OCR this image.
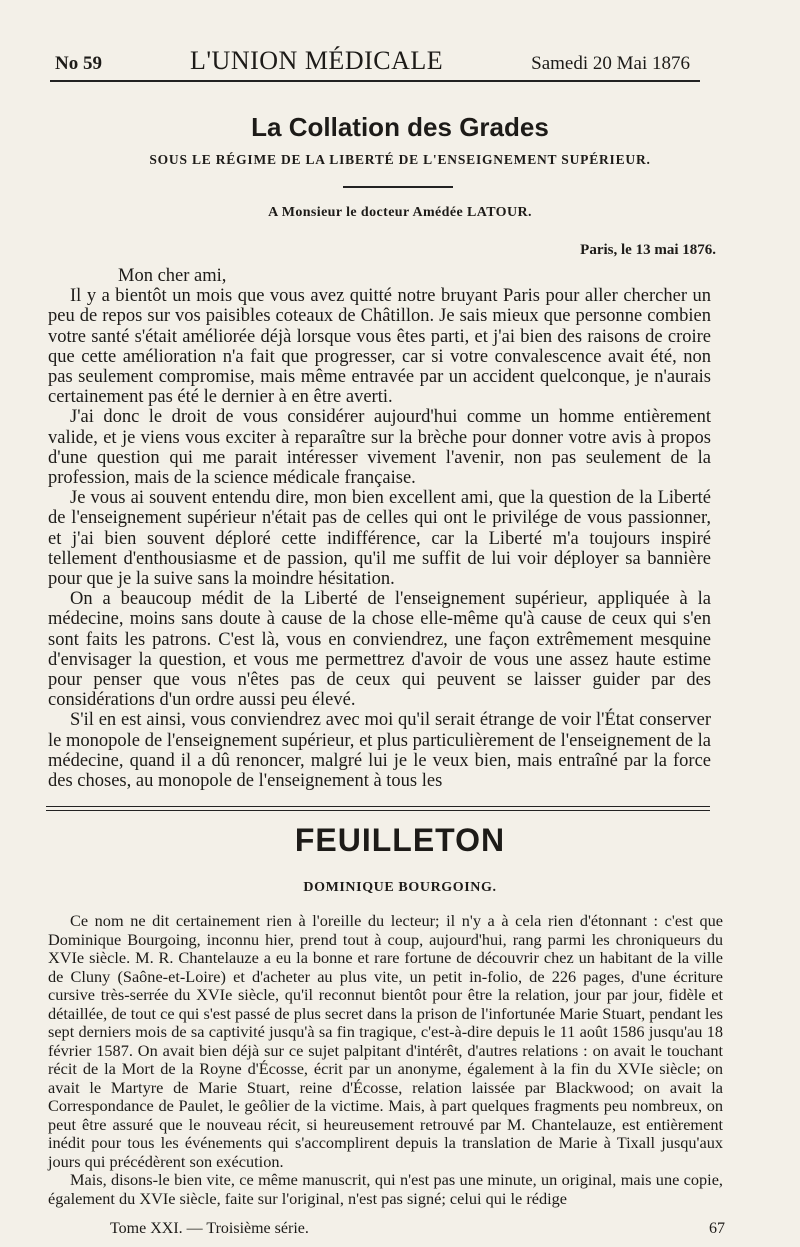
No 59	L'UNION MÉDICALE	Samedi 20 Mai 1876
La Collation des Grades
SOUS LE RÉGIME DE LA LIBERTÉ DE L'ENSEIGNEMENT SUPÉRIEUR.
A Monsieur le docteur Amédée LATOUR.
Paris, le 13 mai 1876.

Mon cher ami,

Il y a bientôt un mois que vous avez quitté notre bruyant Paris pour aller chercher un peu de repos sur vos paisibles coteaux de Châtillon. Je sais mieux que personne combien votre santé s'était améliorée déjà lorsque vous êtes parti, et j'ai bien des raisons de croire que cette amélioration n'a fait que progresser, car si votre convalescence avait été, non pas seulement compromise, mais même entravée par un accident quelconque, je n'aurais certainement pas été le dernier à en être averti.

J'ai donc le droit de vous considérer aujourd'hui comme un homme entièrement valide, et je viens vous exciter à reparaître sur la brèche pour donner votre avis à propos d'une question qui me parait intéresser vivement l'avenir, non pas seulement de la profession, mais de la science médicale française.

Je vous ai souvent entendu dire, mon bien excellent ami, que la question de la Liberté de l'enseignement supérieur n'était pas de celles qui ont le privilége de vous passionner, et j'ai bien souvent déploré cette indifférence, car la Liberté m'a toujours inspiré tellement d'enthousiasme et de passion, qu'il me suffit de lui voir déployer sa bannière pour que je la suive sans la moindre hésitation.

On a beaucoup médit de la Liberté de l'enseignement supérieur, appliquée à la médecine, moins sans doute à cause de la chose elle-même qu'à cause de ceux qui s'en sont faits les patrons. C'est là, vous en conviendrez, une façon extrêmement mesquine d'envisager la question, et vous me permettrez d'avoir de vous une assez haute estime pour penser que vous n'êtes pas de ceux qui peuvent se laisser guider par des considérations d'un ordre aussi peu élevé.

S'il en est ainsi, vous conviendrez avec moi qu'il serait étrange de voir l'État conserver le monopole de l'enseignement supérieur, et plus particulièrement de l'enseignement de la médecine, quand il a dû renoncer, malgré lui je le veux bien, mais entraîné par la force des choses, au monopole de l'enseignement à tous les

FEUILLETON
DOMINIQUE BOURGOING.

Ce nom ne dit certainement rien à l'oreille du lecteur; il n'y a à cela rien d'étonnant : c'est que Dominique Bourgoing, inconnu hier, prend tout à coup, aujourd'hui, rang parmi les chroniqueurs du XVIe siècle. M. R. Chantelauze a eu la bonne et rare fortune de découvrir chez un habitant de la ville de Cluny (Saône-et-Loire) et d'acheter au plus vite, un petit in-folio, de 226 pages, d'une écriture cursive très-serrée du XVIe siècle, qu'il reconnut bientôt pour être la relation, jour par jour, fidèle et détaillée, de tout ce qui s'est passé de plus secret dans la prison de l'infortunée Marie Stuart, pendant les sept derniers mois de sa captivité jusqu'à sa fin tragique, c'est-à-dire depuis le 11 août 1586 jusqu'au 18 février 1587. On avait bien déjà sur ce sujet palpitant d'intérêt, d'autres relations : on avait le touchant récit de la Mort de la Royne d'Écosse, écrit par un anonyme, également à la fin du XVIe siècle; on avait le Martyre de Marie Stuart, reine d'Écosse, relation laissée par Blackwood; on avait la Correspondance de Paulet, le geôlier de la victime. Mais, à part quelques fragments peu nombreux, on peut être assuré que le nouveau récit, si heureusement retrouvé par M. Chantelauze, est entièrement inédit pour tous les événements qui s'accomplirent depuis la translation de Marie à Tixall jusqu'aux jours qui précédèrent son exécution.

Mais, disons-le bien vite, ce même manuscrit, qui n'est pas une minute, un original, mais une copie, également du XVIe siècle, faite sur l'original, n'est pas signé; celui qui le rédige

Tome XXI. — Troisième série.	67
